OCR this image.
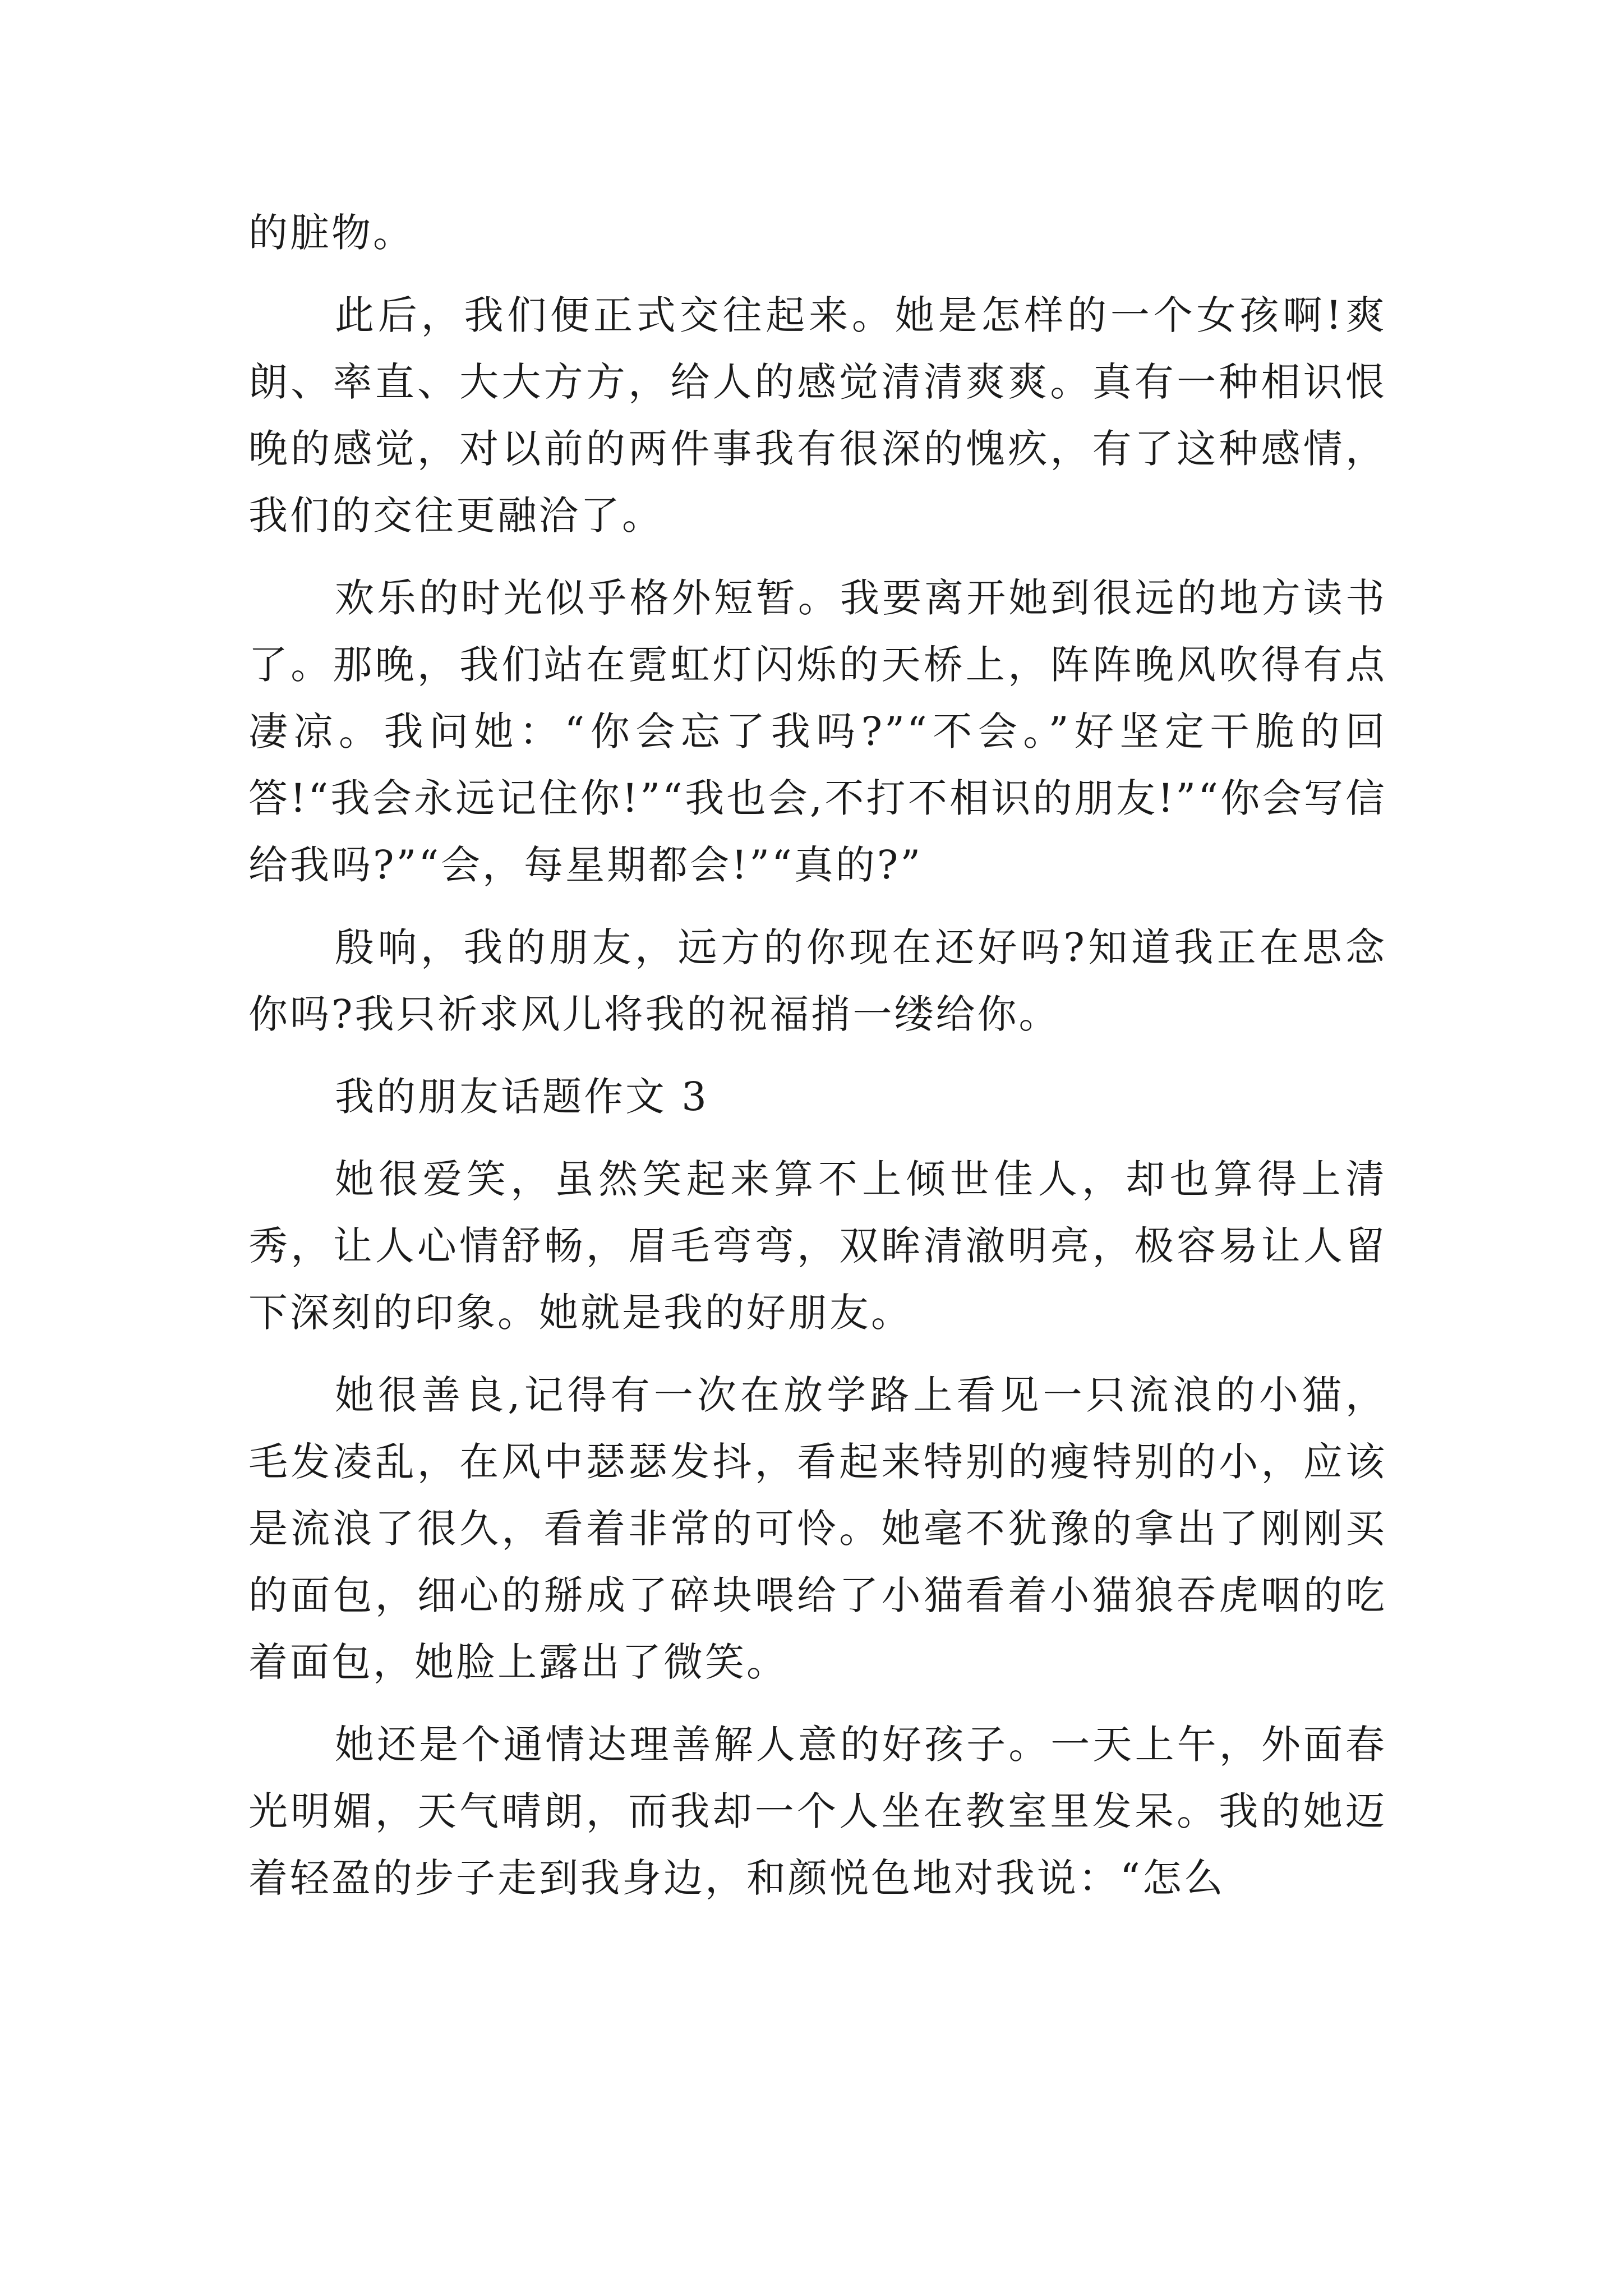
的脏物。

此后，我们便正式交往起来。她是怎样的一个女孩啊!爽朗、率直、大大方方，给人的感觉清清爽爽。真有一种相识恨晚的感觉，对以前的两件事我有很深的愧疚，有了这种感情，我们的交往更融洽了。

欢乐的时光似乎格外短暂。我要离开她到很远的地方读书了。那晚，我们站在霓虹灯闪烁的天桥上，阵阵晚风吹得有点凄凉。我问她：“你会忘了我吗?”“不会。”好坚定干脆的回答!“我会永远记住你!”“我也会,不打不相识的朋友!”“你会写信给我吗?”“会，每星期都会!”“真的?”

殷响，我的朋友，远方的你现在还好吗?知道我正在思念你吗?我只祈求风儿将我的祝福捎一缕给你。

我的朋友话题作文 3

她很爱笑，虽然笑起来算不上倾世佳人，却也算得上清秀，让人心情舒畅，眉毛弯弯，双眸清澈明亮，极容易让人留下深刻的印象。她就是我的好朋友。

她很善良,记得有一次在放学路上看见一只流浪的小猫，毛发凌乱，在风中瑟瑟发抖，看起来特别的瘦特别的小，应该是流浪了很久，看着非常的可怜。她毫不犹豫的拿出了刚刚买的面包，细心的掰成了碎块喂给了小猫看着小猫狼吞虎咽的吃着面包，她脸上露出了微笑。

她还是个通情达理善解人意的好孩子。一天上午，外面春光明媚，天气晴朗，而我却一个人坐在教室里发呆。我的她迈着轻盈的步子走到我身边，和颜悦色地对我说：“怎么
